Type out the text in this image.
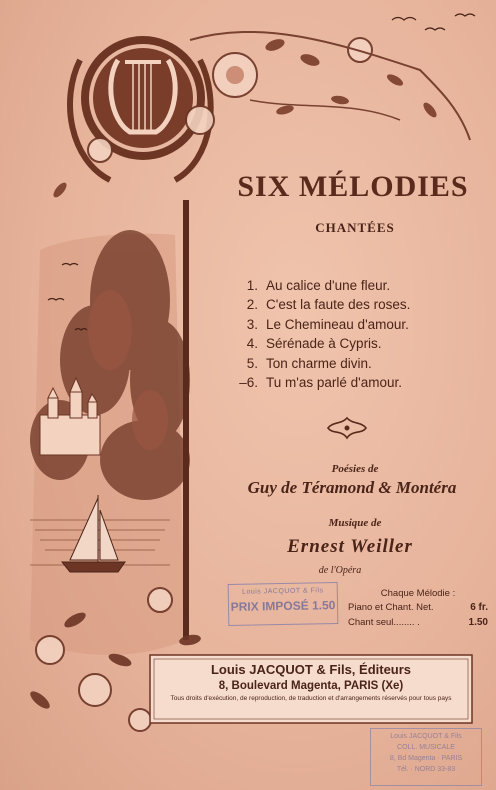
SIX MÉLODIES
CHANTÉES
1. Au calice d'une fleur.
2. C'est la faute des roses.
3. Le Chemineau d'amour.
4. Sérénade à Cypris.
5. Ton charme divin.
–6. Tu m'as parlé d'amour.
Poésies de
Guy de Téramond & Montéra
Musique de
Ernest Weiller
de l'Opéra
Louis JACQUOT & Fils
PRIX IMPOSÉ 1.50
Chaque Mélodie :
Piano et Chant. Net.	6 fr.
Chant seul........ .	1.50
Louis JACQUOT & Fils, Éditeurs
8, Boulevard Magenta, PARIS (Xe)
Tous droits d'exécution, de reproduction, de traduction et d'arrangements réservés pour tous pays
Louis JACQUOT & Fils
COLL. MUSICALE
8, Bd Magenta · PARIS
Tél. · NORD 33-83
